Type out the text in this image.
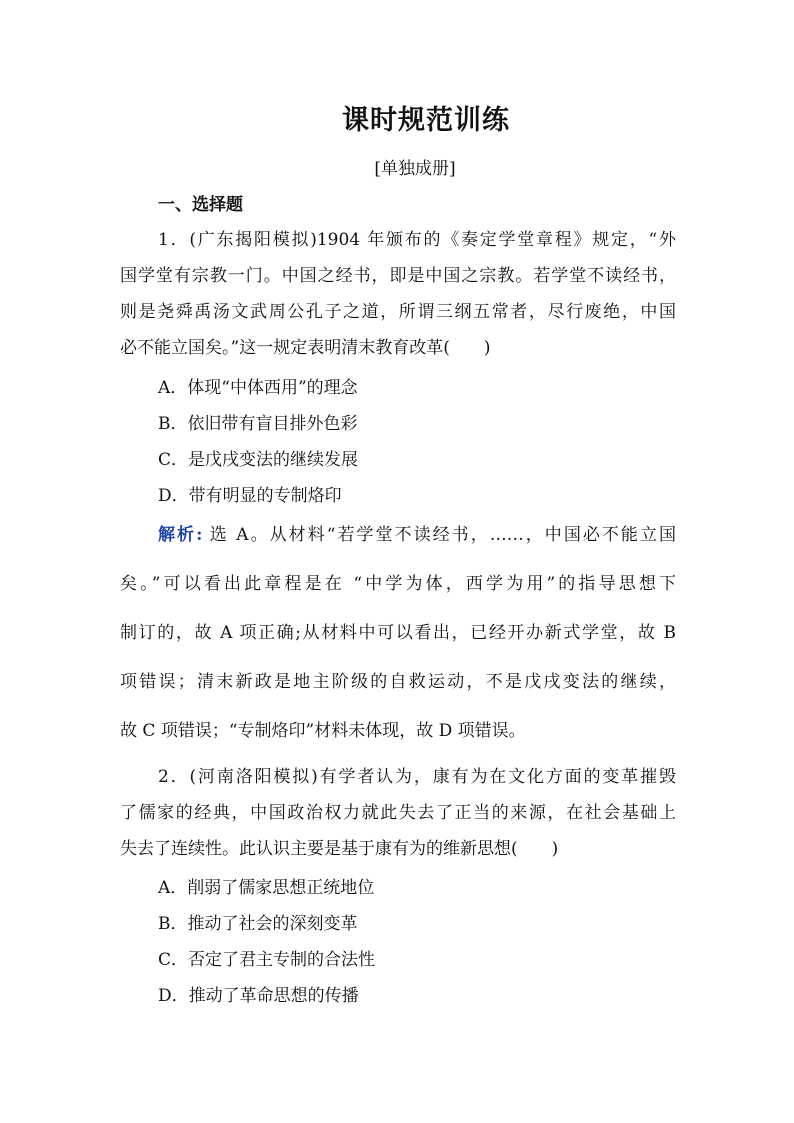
课时规范训练
[单独成册]
一、选择题
1．(广东揭阳模拟)1904 年颁布的《奏定学堂章程》规定，“外
国学堂有宗教一门。中国之经书，即是中国之宗教。若学堂不读经书，
则是尧舜禹汤文武周公孔子之道，所谓三纲五常者，尽行废绝，中国
必不能立国矣。”这一规定表明清末教育改革(　　)
A．体现“中体西用”的理念
B．依旧带有盲目排外色彩
C．是戊戌变法的继续发展
D．带有明显的专制烙印
解析: 选 A。从材料“若学堂不读经书，……，中国必不能立国
矣。”可以看出此章程是在 “中学为体，西学为用”的指导思想下
制订的，故 A 项正确;从材料中可以看出，已经开办新式学堂，故 B
项错误；清末新政是地主阶级的自救运动，不是戊戌变法的继续，
故 C 项错误；“专制烙印”材料未体现，故 D 项错误。
2．(河南洛阳模拟)有学者认为，康有为在文化方面的变革摧毁
了儒家的经典，中国政治权力就此失去了正当的来源，在社会基础上
失去了连续性。此认识主要是基于康有为的维新思想(　　)
A．削弱了儒家思想正统地位
B．推动了社会的深刻变革
C．否定了君主专制的合法性
D．推动了革命思想的传播
